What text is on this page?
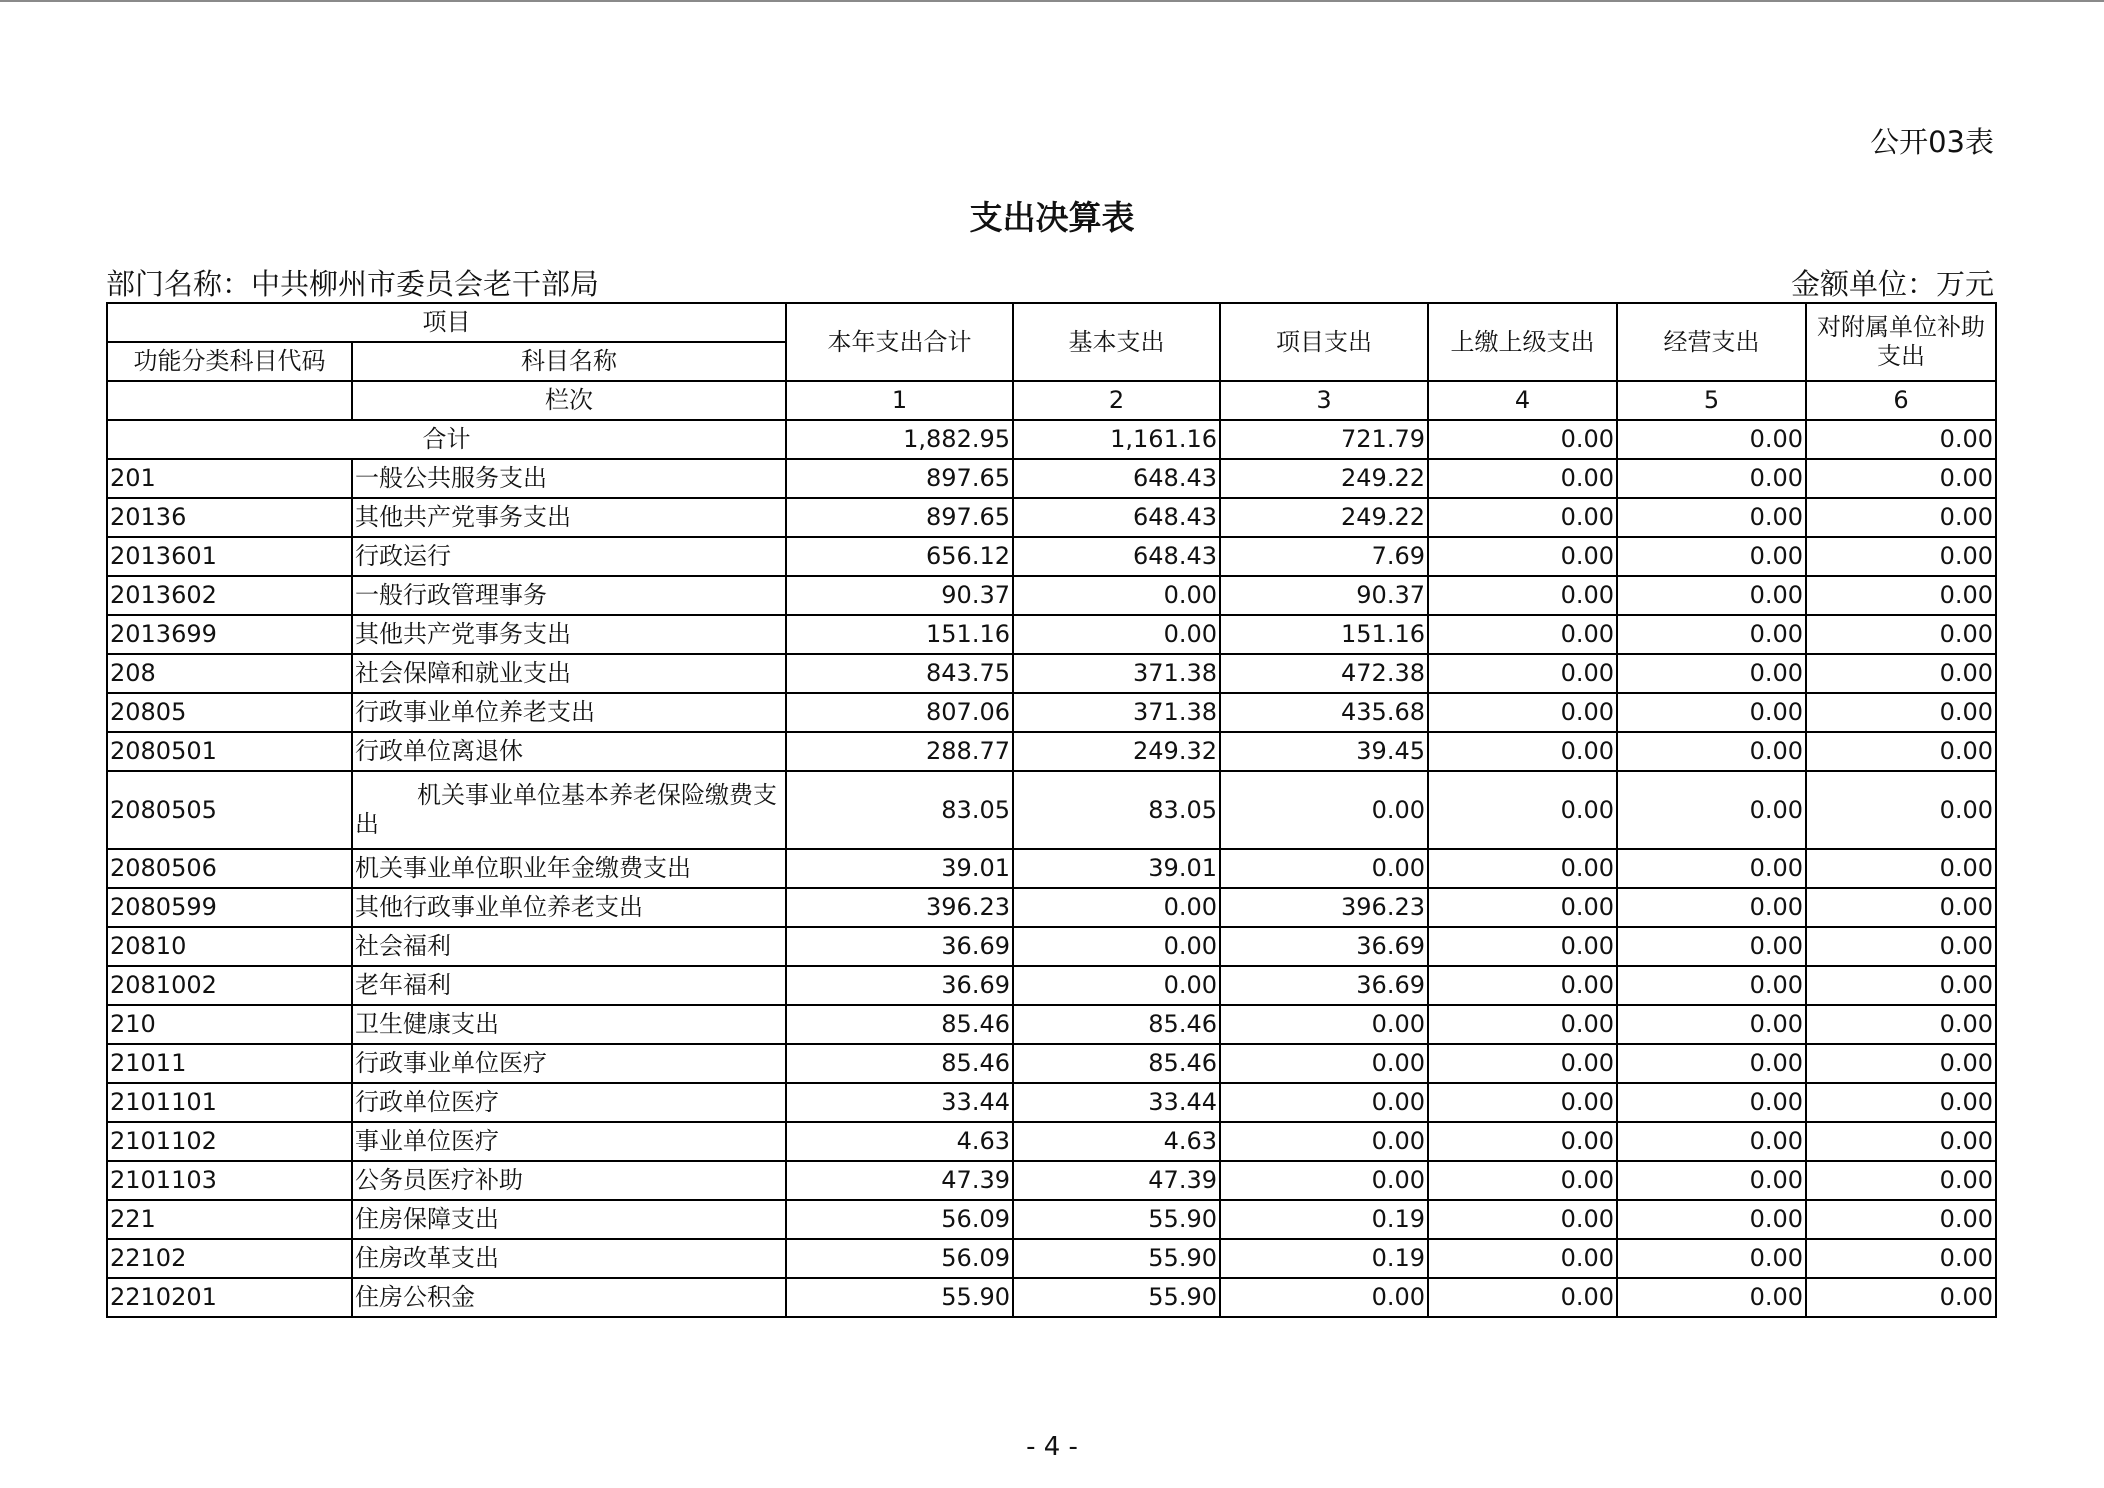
公开03表
支出决算表
部门名称：中共柳州市委员会老干部局	金额单位：万元
项目		本年支出合计	基本支出	项目支出	上缴上级支出	经营支出	对附属单位补助
支出

功能分类科目代码	科目名称						
	栏次	1	2	3	4	5	6
合计		1,882.95	1,161.16	721.79	0.00	0.00	0.00
201	一般公共服务支出	897.65	648.43	249.22	0.00	0.00	0.00
20136	其他共产党事务支出	897.65	648.43	249.22	0.00	0.00	0.00
2013601	行政运行	656.12	648.43	7.69	0.00	0.00	0.00
2013602	一般行政管理事务	90.37	0.00	90.37	0.00	0.00	0.00
2013699	其他共产党事务支出	151.16	0.00	151.16	0.00	0.00	0.00
208	社会保障和就业支出	843.75	371.38	472.38	0.00	0.00	0.00
20805	行政事业单位养老支出	807.06	371.38	435.68	0.00	0.00	0.00
2080501	行政单位离退休	288.77	249.32	39.45	0.00	0.00	0.00
2080505	机关事业单位基本养老保险缴费支出	83.05	83.05	0.00	0.00	0.00	0.00
2080506	机关事业单位职业年金缴费支出	39.01	39.01	0.00	0.00	0.00	0.00
2080599	其他行政事业单位养老支出	396.23	0.00	396.23	0.00	0.00	0.00
20810	社会福利	36.69	0.00	36.69	0.00	0.00	0.00
2081002	老年福利	36.69	0.00	36.69	0.00	0.00	0.00
210	卫生健康支出	85.46	85.46	0.00	0.00	0.00	0.00
21011	行政事业单位医疗	85.46	85.46	0.00	0.00	0.00	0.00
2101101	行政单位医疗	33.44	33.44	0.00	0.00	0.00	0.00
2101102	事业单位医疗	4.63	4.63	0.00	0.00	0.00	0.00
2101103	公务员医疗补助	47.39	47.39	0.00	0.00	0.00	0.00
221	住房保障支出	56.09	55.90	0.19	0.00	0.00	0.00
22102	住房改革支出	56.09	55.90	0.19	0.00	0.00	0.00
2210201	住房公积金	55.90	55.90	0.00	0.00	0.00	0.00
- 4 -
